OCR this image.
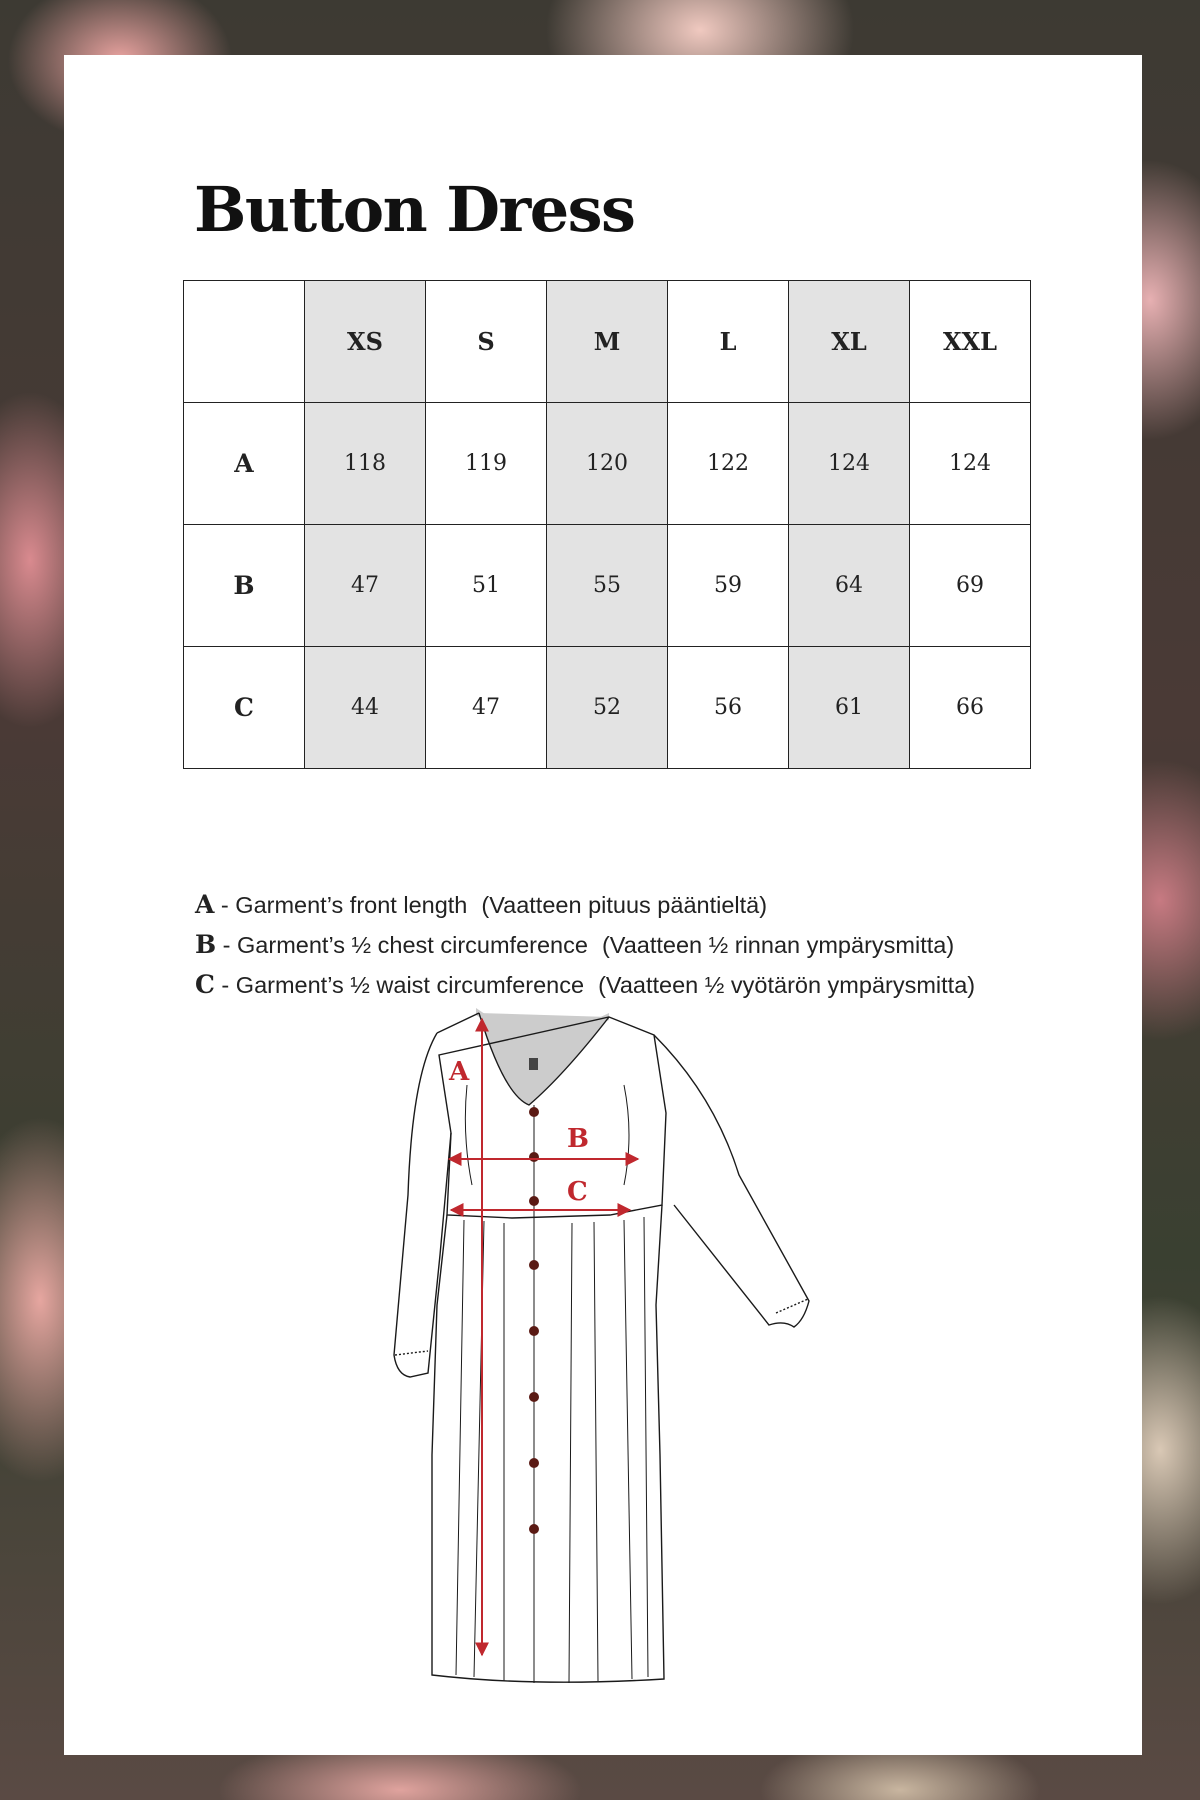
Button Dress
	XS	S	M	L	XL	XXL
A	118	119	120	122	124	124
B	47	51	55	59	64	69
C	44	47	52	56	61	66
A - Garment’s front length (Vaatteen pituus pääntieltä)
B - Garment’s ½ chest circumference (Vaatteen ½ rinnan ympärysmitta)
C - Garment’s ½ waist circumference (Vaatteen ½ vyötärön ympärysmitta)
A
B
C
